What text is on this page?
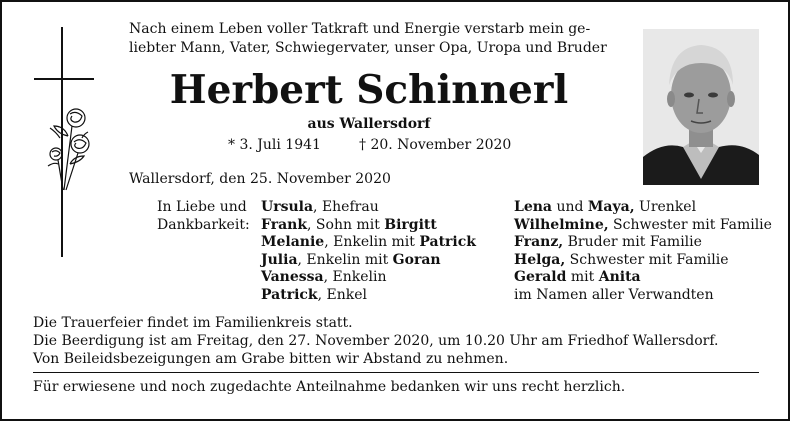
Nach einem Leben voller Tatkraft und Energie verstarb mein ge-
liebter Mann, Vater, Schwiegervater, unser Opa, Uropa und Bruder
Herbert Schinnerl
aus Wallersdorf
* 3. Juli 1941	† 20. November 2020
Wallersdorf, den 25. November 2020
In Liebe und
Dankbarkeit:
Ursula, Ehefrau
Frank, Sohn mit Birgitt
Melanie, Enkelin mit Patrick
Julia, Enkelin mit Goran
Vanessa, Enkelin
Patrick, Enkel
Lena und Maya, Urenkel
Wilhelmine, Schwester mit Familie
Franz, Bruder mit Familie
Helga, Schwester mit Familie
Gerald mit Anita
im Namen aller Verwandten
Die Trauerfeier findet im Familienkreis statt.
Die Beerdigung ist am Freitag, den 27. November 2020, um 10.20 Uhr am Friedhof Wallersdorf.
Von Beileidsbezeigungen am Grabe bitten wir Abstand zu nehmen.
Für erwiesene und noch zugedachte Anteilnahme bedanken wir uns recht herzlich.
